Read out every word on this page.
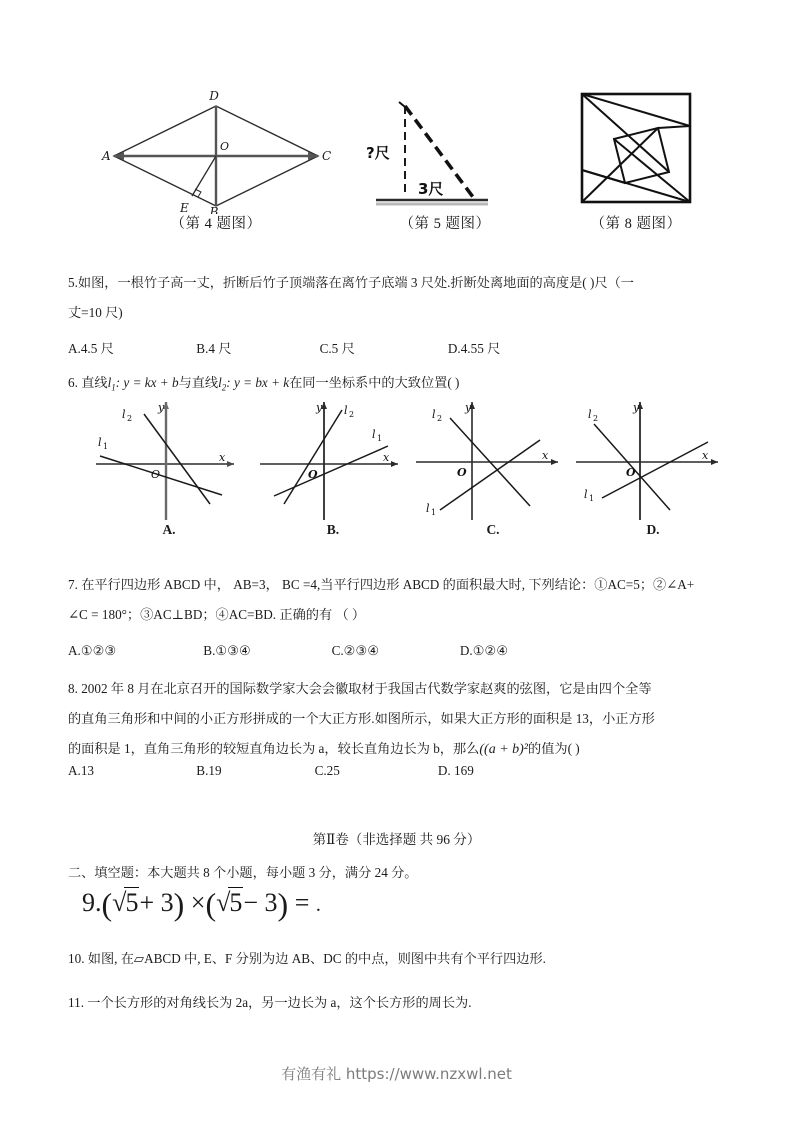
D
A	C
O
B
E
（第 4 题图）
?尺
3尺
（第 5 题图）	（第 8 题图）
5.如图，一根竹子高一丈，折断后竹子顶端落在离竹子底端 3 尺处.折断处离地面的高度是( )尺（一
丈=10 尺)
A.4.5 尺	B.4 尺	C.5 尺	D.4.55 尺
6. 直线$l_1$: y = kx + b与直线$l_2$: y = bx + k在同一坐标系中的大致位置( )
l 2
l 1
O
x
y
A.
l 2
l 1
O
x
y
B.
l 2
l 1
O
x
y
C.
l 2
l 1
O
x
y
D.
7. 在平行四边形 ABCD 中， AB=3， BC =4,当平行四边形 ABCD 的面积最大时, 下列结论：①AC=5；②∠A+
∠C = 180°；③AC⊥BD；④AC=BD. 正确的有 （ ）
A.①②③	B.①③④	C.②③④	D.①②④
8. 2002 年 8 月在北京召开的国际数学家大会会徽取材于我国古代数学家赵爽的弦图，它是由四个全等
的直角三角形和中间的小正方形拼成的一个大正方形.如图所示，如果大正方形的面积是 13，小正方形
的面积是 1，直角三角形的较短直角边长为 a，较长直角边长为 b，那么((a + b)²的值为( )
A.13	B.19	C.25	D. 169
第Ⅱ卷（非选择题 共 96 分）
二、填空题：本大题共 8 个小题，每小题 3 分，满分 24 分。
9.(√5+ 3) ×(√5− 3) = .
10. 如图, 在▱ABCD 中, E、F 分别为边 AB、DC 的中点，则图中共有个平行四边形.
11. 一个长方形的对角线长为 2a，另一边长为 a，这个长方形的周长为.
有渔有礼 https://www.nzxwl.net
